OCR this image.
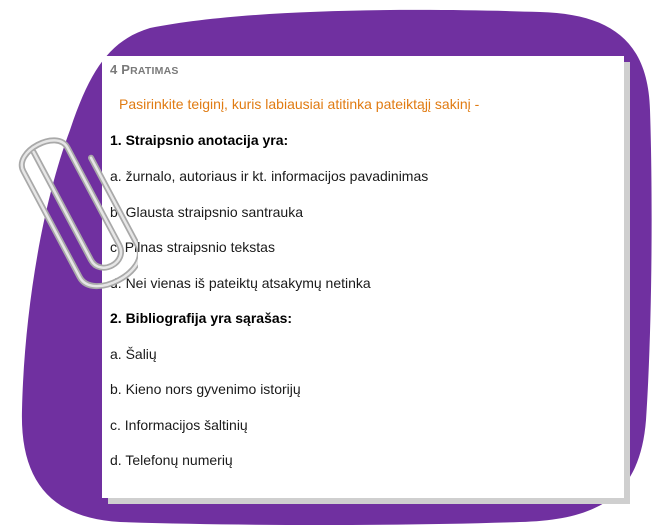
4 PRATIMAS
Pasirinkite teiginį, kuris labiausiai atitinka pateiktąjį sakinį -
1. Straipsnio anotacija yra:
a. žurnalo, autoriaus ir kt. informacijos pavadinimas
b. Glausta straipsnio santrauka
c. Pilnas straipsnio tekstas
d. Nei vienas iš pateiktų atsakymų netinka
2. Bibliografija yra sąrašas:
a. Šalių
b. Kieno nors gyvenimo istorijų
c. Informacijos šaltinių
d. Telefonų numerių
